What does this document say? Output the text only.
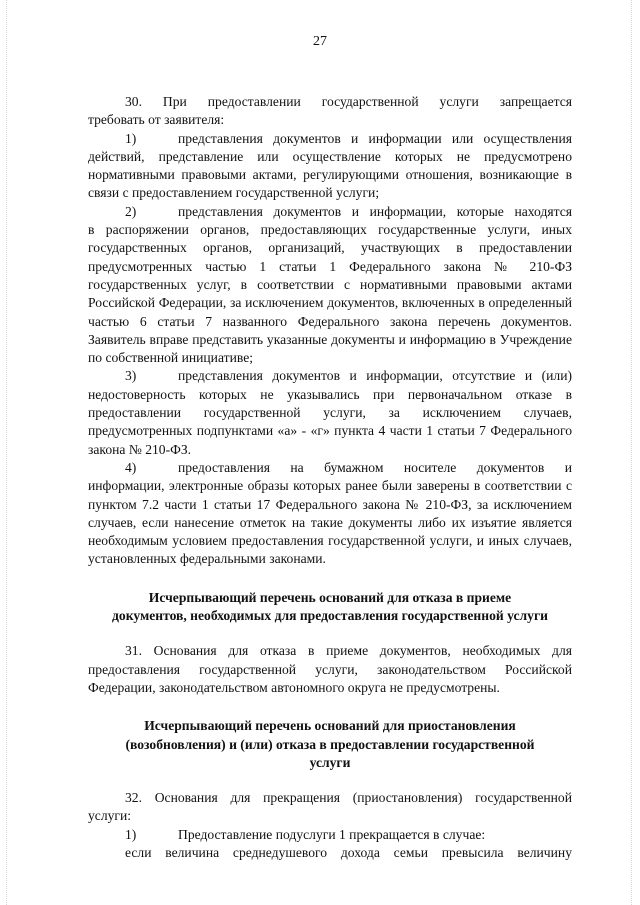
27

30. При предоставлении государственной услуги запрещается

требовать от заявителя:

1)	представления документов и информации или осуществления

действий, представление или осуществление которых не предусмотрено нормативными правовыми актами, регулирующими отношения, возникающие в связи с предоставлением государственной услуги;

2)	представления документов и информации, которые находятся

в распоряжении органов, предоставляющих государственные услуги, иных государственных органов, организаций, участвующих в предоставлении предусмотренных частью 1 статьи 1 Федерального закона № 210-ФЗ государственных услуг, в соответствии с нормативными правовыми актами Российской Федерации, за исключением документов, включенных в определенный частью 6 статьи 7 названного Федерального закона перечень документов. Заявитель вправе представить указанные документы и информацию в Учреждение по собственной инициативе;

3)	представления документов и информации, отсутствие и (или)

недостоверность которых не указывались при первоначальном отказе в предоставлении государственной услуги, за исключением случаев, предусмотренных подпунктами «а» - «г» пункта 4 части 1 статьи 7 Федерального закона № 210-ФЗ.

4)	предоставления на бумажном носителе документов и

информации, электронные образы которых ранее были заверены в соответствии с пунктом 7.2 части 1 статьи 17 Федерального закона № 210-ФЗ, за исключением случаев, если нанесение отметок на такие документы либо их изъятие является необходимым условием предоставления государственной услуги, и иных случаев, установленных федеральными законами.

Исчерпывающий перечень оснований для отказа в приеме
документов, необходимых для предоставления государственной услуги

31. Основания для отказа в приеме документов, необходимых для предоставления государственной услуги, законодательством Российской Федерации, законодательством автономного округа не предусмотрены.

Исчерпывающий перечень оснований для приостановления
(возобновления) и (или) отказа в предоставлении государственной
услуги

32. Основания для прекращения (приостановления) государственной

услуги:

1)	Предоставление подуслуги 1 прекращается в случае:

если величина среднедушевого дохода семьи превысила величину
